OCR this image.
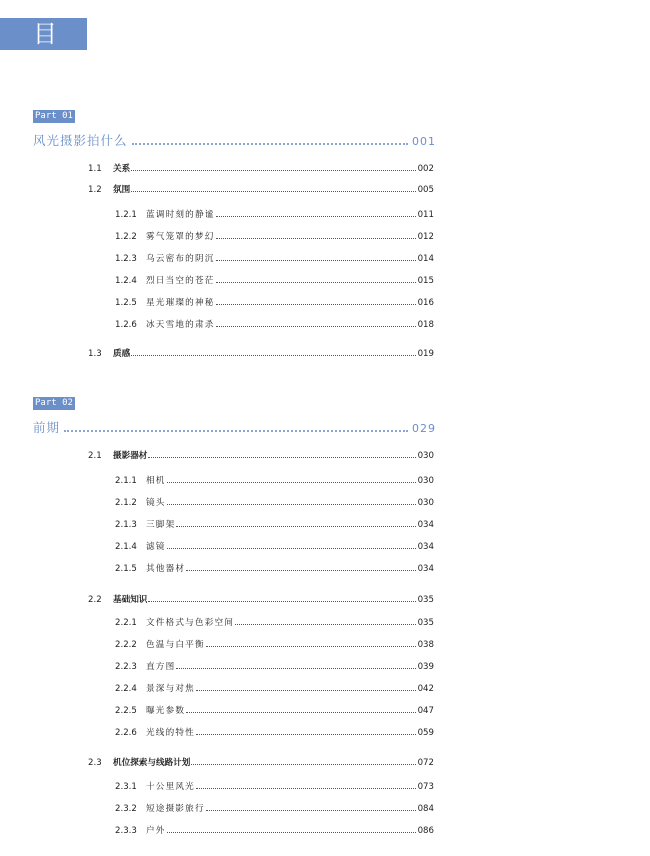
目 录
Part 01
风光摄影拍什么	001
1.1	关系	002
1.2	氛围	005
1.2.1	蓝调时刻的静谧	011
1.2.2	雾气笼罩的梦幻	012
1.2.3	乌云密布的阴沉	014
1.2.4	烈日当空的苍茫	015
1.2.5	星光璀璨的神秘	016
1.2.6	冰天雪地的肃杀	018
1.3	质感	019
Part 02
前期	029
2.1	摄影器材	030
2.1.1	相机	030
2.1.2	镜头	030
2.1.3	三脚架	034
2.1.4	滤镜	034
2.1.5	其他器材	034
2.2	基础知识	035
2.2.1	文件格式与色彩空间	035
2.2.2	色温与白平衡	038
2.2.3	直方图	039
2.2.4	景深与对焦	042
2.2.5	曝光参数	047
2.2.6	光线的特性	059
2.3	机位探索与线路计划	072
2.3.1	十公里风光	073
2.3.2	短途摄影旅行	084
2.3.3	户外	086
